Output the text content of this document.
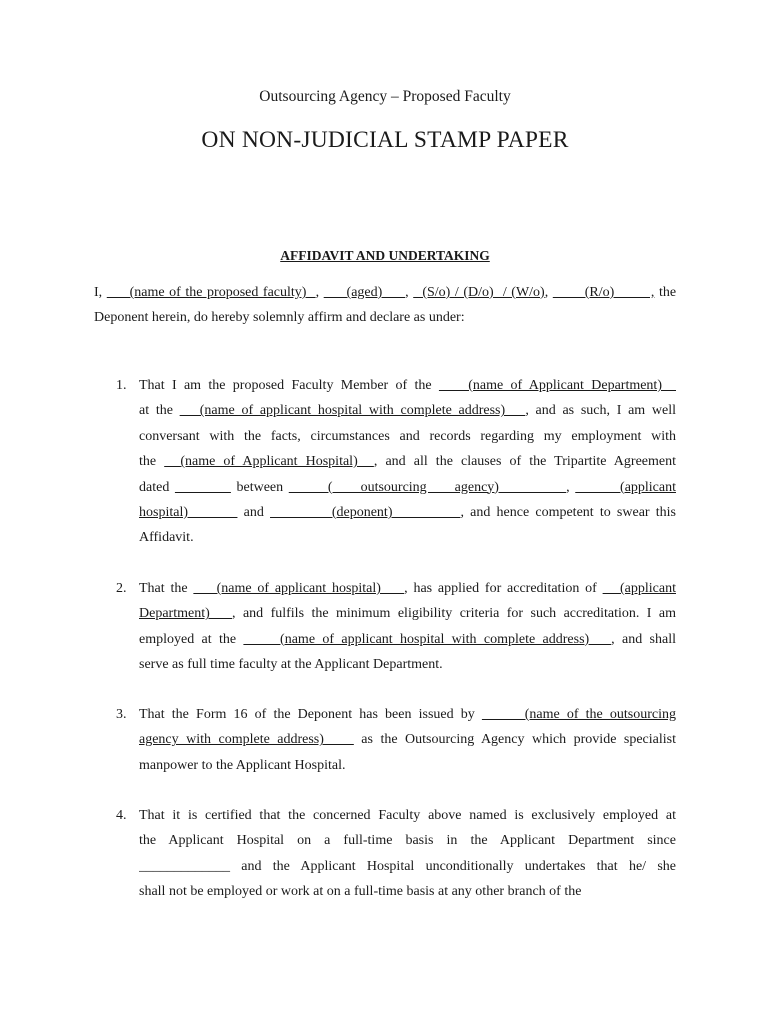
Outsourcing Agency – Proposed Faculty
ON NON-JUDICIAL STAMP PAPER
AFFIDAVIT AND UNDERTAKING
I,      (name of the proposed faculty)  ,      (aged)     ,   (S/o) / (D/o)  / (W/o),        (R/o)        , the
Deponent herein, do hereby solemnly affirm and declare as under:
1. That I am the proposed Faculty Member of the     (name of Applicant Department)
at the    (name of applicant hospital with complete address)   , and as such, I am well
conversant with the facts, circumstances and records regarding my employment with
the   (name of Applicant Hospital)  , and all the clauses of the Tripartite Agreement
dated	between        (     outsourcing     agency)            ,         (applicant
hospital)         and           (deponent)           , and hence competent to swear this
Affidavit.
2. That the     (name of applicant hospital)    , has applied for accreditation of    (applicant
Department)   , and fulfils the minimum eligibility criteria for such accreditation. I am
employed at the      (name of applicant hospital with complete address)   , and shall
serve as full time faculty at the Applicant Department.
3. That the Form 16 of the Deponent has been issued by       (name of the outsourcing
agency with complete address)     as the Outsourcing Agency which provide specialist
manpower to the Applicant Hospital.
4. That it is certified that the concerned Faculty above named is exclusively employed at
the Applicant Hospital on a full-time basis in the Applicant Department since
_____________ and the Applicant Hospital unconditionally undertakes that he/ she
shall not be employed or work at on a full-time basis at any other branch of the
